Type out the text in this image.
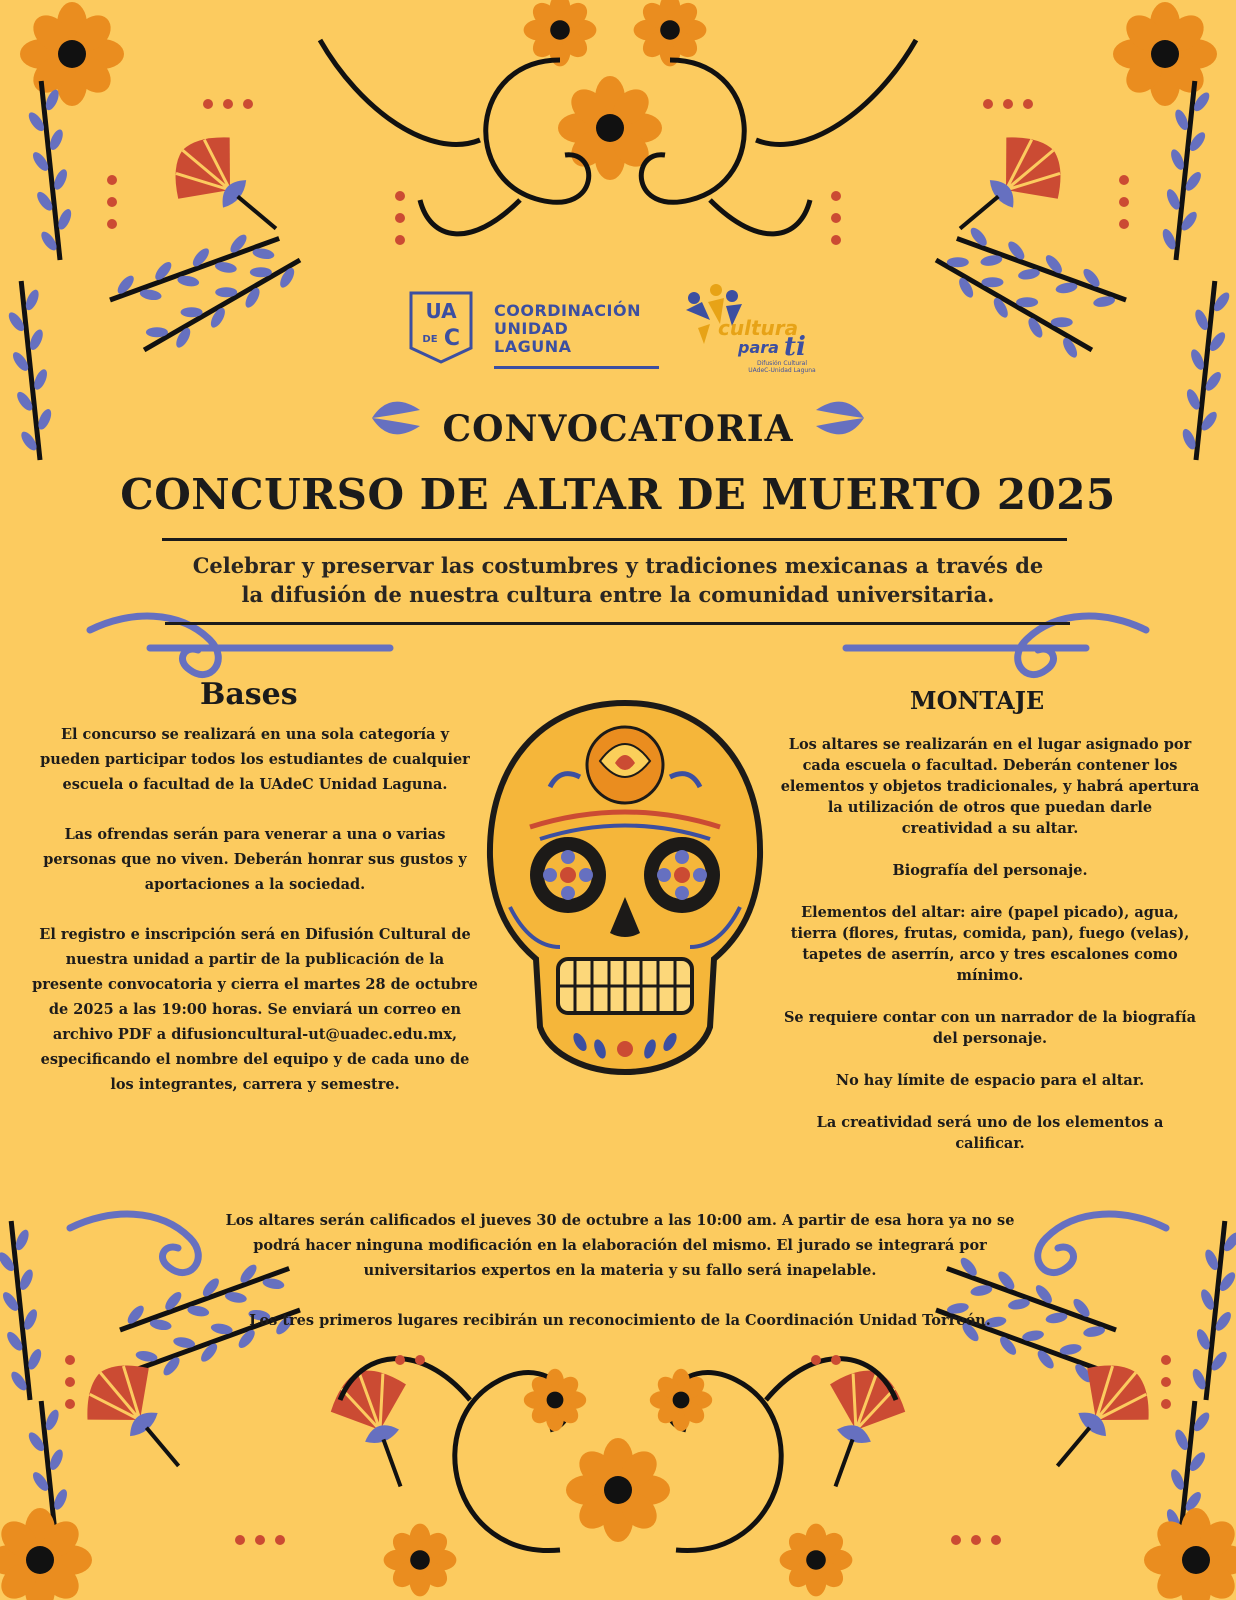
UA
DE C
COORDINACIÓN
UNIDAD
LAGUNA
cultura
para ti
Difusión Cultural
UAdeC-Unidad Laguna
CONVOCATORIA
CONCURSO DE ALTAR DE MUERTO 2025
Celebrar y preservar las costumbres y tradiciones mexicanas a través de
la difusión de nuestra cultura entre la comunidad universitaria.
Bases

El concurso se realizará en una sola categoría y pueden participar todos los estudiantes de cualquier escuela o facultad de la UAdeC Unidad Laguna.

Las ofrendas serán para venerar a una o varias personas que no viven. Deberán honrar sus gustos y aportaciones a la sociedad.

El registro e inscripción será en Difusión Cultural de nuestra unidad a partir de la publicación de la presente convocatoria y cierra el martes 28 de octubre de 2025 a las 19:00 horas. Se enviará un correo en archivo PDF a difusioncultural-ut@uadec.edu.mx, especificando el nombre del equipo y de cada uno de los integrantes, carrera y semestre.

MONTAJE

Los altares se realizarán en el lugar asignado por cada escuela o facultad. Deberán contener los elementos y objetos tradicionales, y habrá apertura la utilización de otros que puedan darle creatividad a su altar.

Biografía del personaje.

Elementos del altar: aire (papel picado), agua, tierra (flores, frutas, comida, pan), fuego (velas), tapetes de aserrín, arco y tres escalones como mínimo.

Se requiere contar con un narrador de la biografía del personaje.

No hay límite de espacio para el altar.

La creatividad será uno de los elementos a calificar.

Los altares serán calificados el jueves 30 de octubre a las 10:00 am. A partir de esa hora ya no se podrá hacer ninguna modificación en la elaboración del mismo. El jurado se integrará por universitarios expertos en la materia y su fallo será inapelable.

Los tres primeros lugares recibirán un reconocimiento de la Coordinación Unidad Torreón.
